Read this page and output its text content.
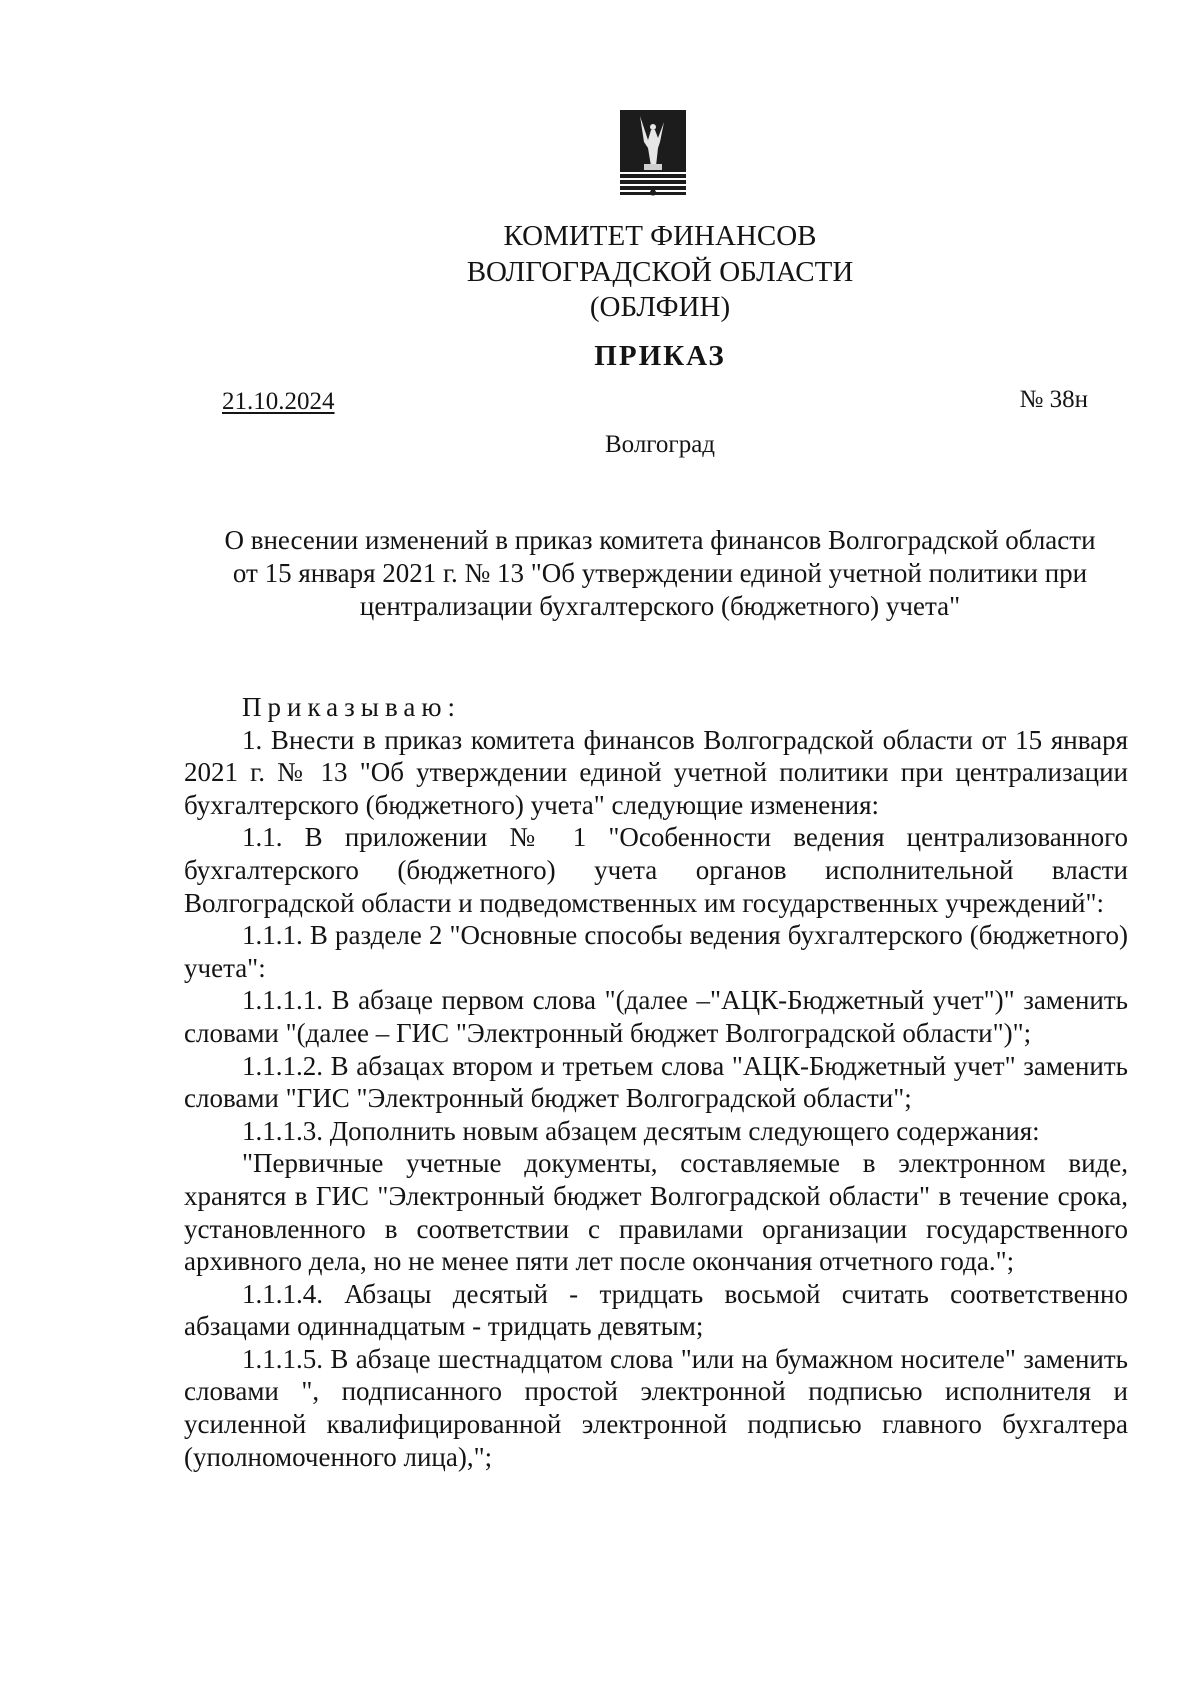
КОМИТЕТ ФИНАНСОВ
ВОЛГОГРАДСКОЙ ОБЛАСТИ
(ОБЛФИН)
ПРИКАЗ
21.10.2024	№ 38н
Волгоград
О внесении изменений в приказ комитета финансов Волгоградской области
от 15 января 2021 г. № 13 "Об утверждении единой учетной политики при
централизации бухгалтерского (бюджетного) учета"

Приказываю:

1. Внести в приказ комитета финансов Волгоградской области от 15 января 2021 г. № 13 "Об утверждении единой учетной политики при централизации бухгалтерского (бюджетного) учета" следующие изменения:

1.1. В приложении № 1 "Особенности ведения централизованного бухгалтерского (бюджетного) учета органов исполнительной власти Волгоградской области и подведомственных им государственных учреждений":

1.1.1. В разделе 2 "Основные способы ведения бухгалтерского (бюджетного) учета":

1.1.1.1. В абзаце первом слова "(далее –"АЦК-Бюджетный учет")" заменить словами "(далее – ГИС "Электронный бюджет Волгоградской области")";

1.1.1.2. В абзацах втором и третьем слова "АЦК-Бюджетный учет" заменить словами "ГИС "Электронный бюджет Волгоградской области";

1.1.1.3. Дополнить новым абзацем десятым следующего содержания:

"Первичные учетные документы, составляемые в электронном виде, хранятся в ГИС "Электронный бюджет Волгоградской области" в течение срока, установленного в соответствии с правилами организации государственного архивного дела, но не менее пяти лет после окончания отчетного года.";

1.1.1.4. Абзацы десятый - тридцать восьмой считать соответственно абзацами одиннадцатым - тридцать девятым;

1.1.1.5. В абзаце шестнадцатом слова "или на бумажном носителе" заменить словами ", подписанного простой электронной подписью исполнителя и усиленной квалифицированной электронной подписью главного бухгалтера (уполномоченного лица),";
